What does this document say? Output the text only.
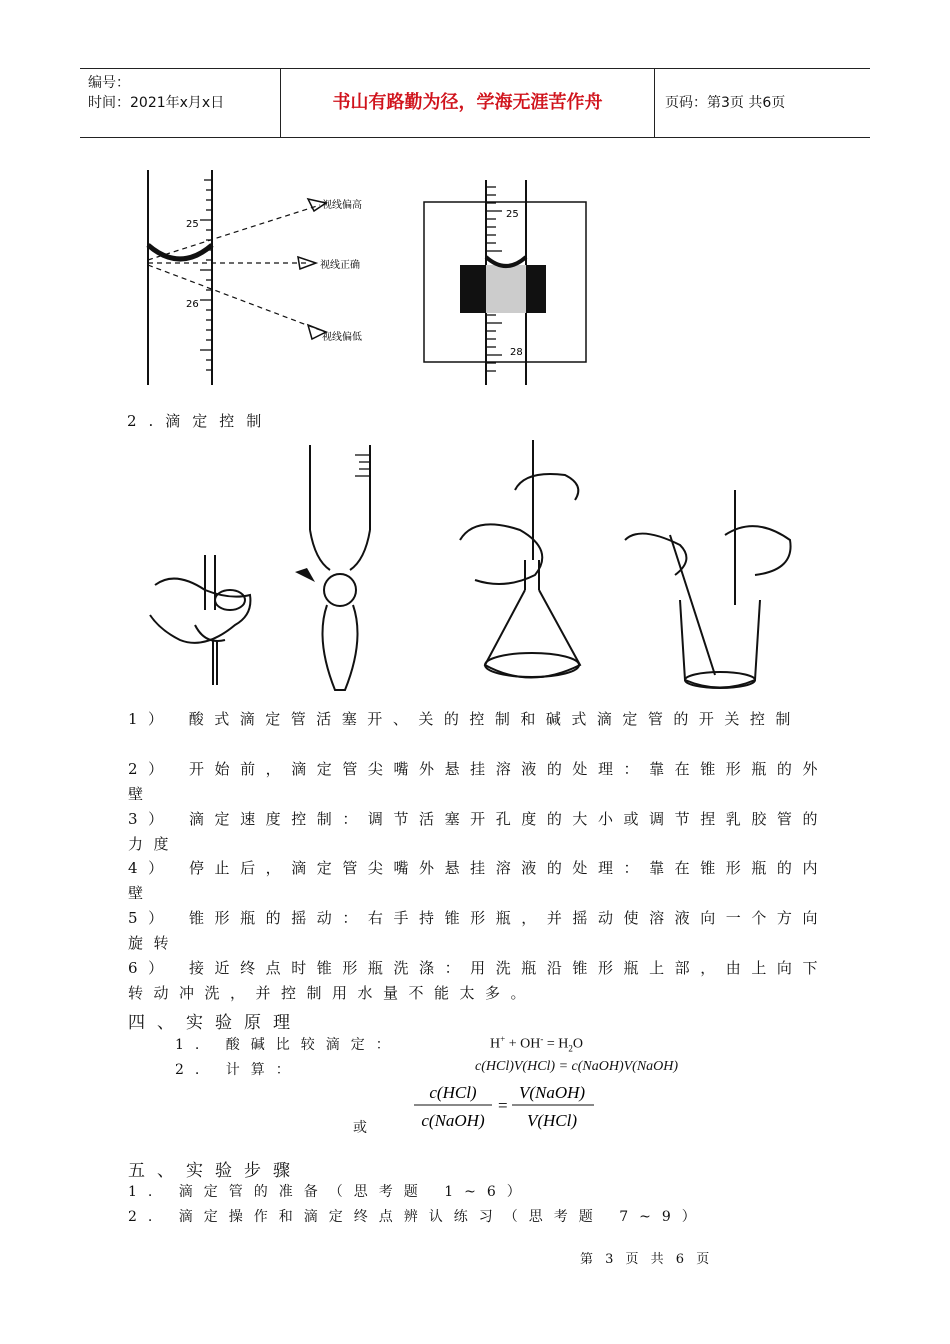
编号：
时间：2021年x月x日	书山有路勤为径，学海无涯苦作舟	页码：第3页 共6页
25
26
视线偏高
视线正确
视线偏低
25
28
2.滴定控制
1） 酸式滴定管活塞开、关的控制和碱式滴定管的开关控制
2） 开始前，滴定管尖嘴外悬挂溶液的处理：靠在锥形瓶的外壁
3） 滴定速度控制：调节活塞开孔度的大小或调节捏乳胶管的力度
4） 停止后，滴定管尖嘴外悬挂溶液的处理：靠在锥形瓶的内壁
5） 锥形瓶的摇动：右手持锥形瓶，并摇动使溶液向一个方向旋转
6） 接近终点时锥形瓶洗涤：用洗瓶沿锥形瓶上部，由上向下转动冲洗，并控制用水量不能太多。
四、实验原理
1. 酸碱比较滴定：	$H^+ + OH^- = H_2O$
2. 计算：	c(HCl)V(HCl) = c(NaOH)V(NaOH)
或
c(HCl)
c(NaOH)
=
V(NaOH)
V(HCl)
五、实验步骤
1. 滴定管的准备（思考题 1~6）
2. 滴定操作和滴定终点辨认练习（思考题 7~9）
第 3 页 共 6 页
